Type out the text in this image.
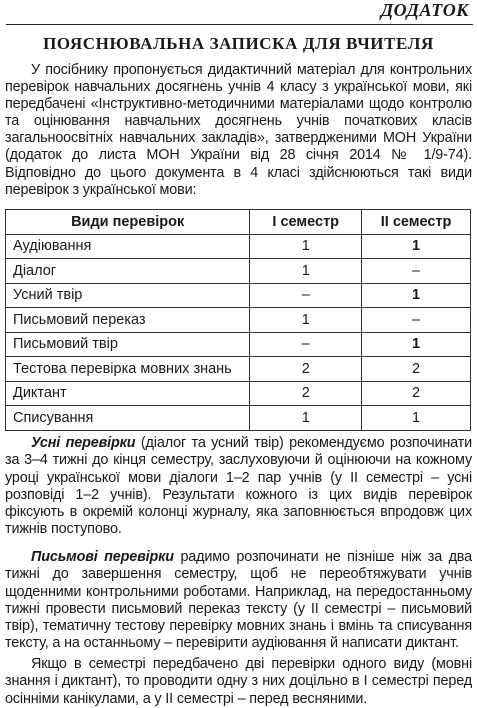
ДОДАТОК
ПОЯСНЮВАЛЬНА ЗАПИСКА ДЛЯ ВЧИТЕЛЯ

У посібнику пропонується дидактичний матеріал для контрольних перевірок навчальних досягнень учнів 4 класу з української мови, які передбачені «Інструктивно-методичними матеріалами щодо контролю та оцінювання навчальних досягнень учнів початкових класів загальноосвітніх навчальних закладів», затвердженими МОН України (додаток до листа МОН України від 28 січня 2014 № 1/9-74). Відповідно до цього документа в 4 класі здійснюються такі види перевірок з української мови:

Види перевірок	І семестр	ІІ семестр
Аудіювання	1	1
Діалог	1	–
Усний твір	–	1
Письмовий переказ	1	–
Письмовий твір	–	1
Тестова перевірка мовних знань	2	2
Диктант	2	2
Списування	1	1

Усні перевірки (діалог та усний твір) рекомендуємо розпочинати за 3–4 тижні до кінця семестру, заслуховуючи й оцінюючи на кожному уроці української мови діалоги 1–2 пар учнів (у ІІ семестрі – усні розповіді 1–2 учнів). Результати кожного із цих видів перевірок фіксують в окремій колонці журналу, яка заповнюється впродовж цих тижнів поступово.

Письмові перевірки радимо розпочинати не пізніше ніж за два тижні до завершення семестру, щоб не переобтяжувати учнів щоденними контрольними роботами. Наприклад, на передостанньому тижні провести письмовий переказ тексту (у ІІ семестрі – письмовий твір), тематичну тестову перевірку мовних знань і вмінь та списування тексту, а на останньому – перевірити аудіювання й написати диктант.

Якщо в семестрі передбачено дві перевірки одного виду (мовні знання і диктант), то проводити одну з них доцільно в І семестрі перед осінніми канікулами, а у ІІ семестрі – перед весняними.
